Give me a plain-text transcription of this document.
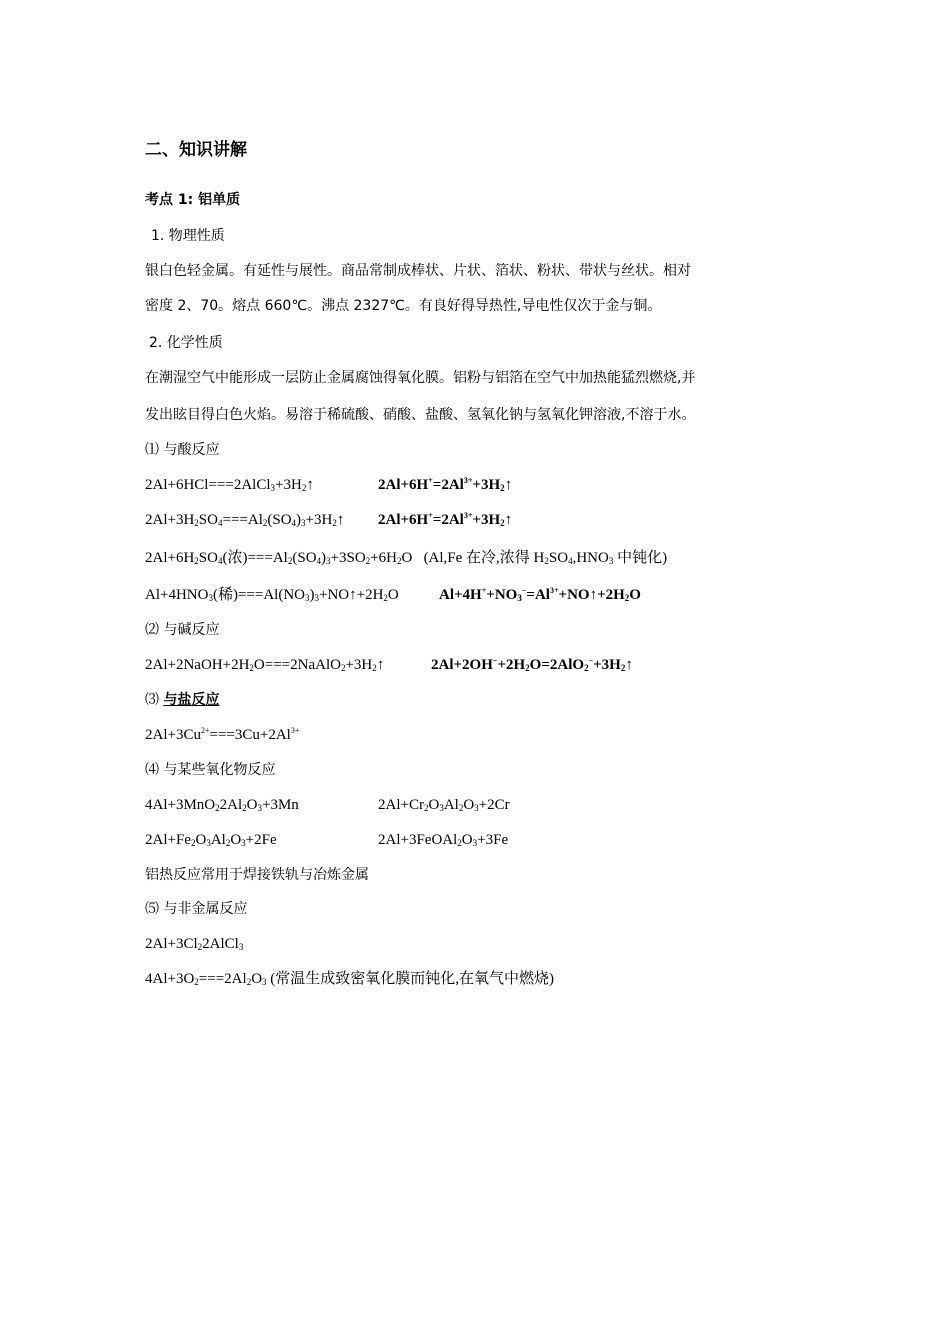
二、知识讲解
考点 1: 铝单质
1. 物理性质
银白色轻金属。有延性与展性。商品常制成棒状、片状、箔状、粉状、带状与丝状。相对
密度 2、70。熔点 660℃。沸点 2327℃。有良好得导热性,导电性仅次于金与铜。
2. 化学性质
在潮湿空气中能形成一层防止金属腐蚀得氧化膜。铝粉与铝箔在空气中加热能猛烈燃烧,并
发出眩目得白色火焰。易溶于稀硫酸、硝酸、盐酸、氢氧化钠与氢氧化钾溶液,不溶于水。
⑴ 与酸反应
$2Al+6HCl===2AlCl_3+3H_2↑$	$2Al+6H^+=2Al^{3+}+3H_2↑$
$2Al+3H_2SO_4===Al_2(SO_4)_3+3H_2↑$ $2Al+6H^+=2Al^{3+}+3H_2↑$
$2Al+6H_2SO_4$(浓)$===Al_2(SO_4)_3+3SO_2+6H_2O$ (Al,Fe 在冷,浓得 $H_2SO_4,HNO_3$ 中钝化)
$Al+4HNO_3$(稀)$===Al(NO_3)_3+NO↑+2H_2O$	$Al+4H^++NO_3^-=Al^{3+}+NO↑+2H_2O$
⑵ 与碱反应
$2Al+2NaOH+2H_2O===2NaAlO_2+3H_2↑$	$2Al+2OH^-+2H_2O=2AlO_2^-+3H_2↑$
⑶ 与盐反应
$2Al+3Cu^{2+}===3Cu+2Al^{3+}$
⑷ 与某些氧化物反应
$4Al+3MnO_22Al_2O_3+3Mn$	$2Al+Cr_2O_3Al_2O_3+2Cr$
$2Al+Fe_2O_3Al_2O_3+2Fe$	$2Al+3FeOAl_2O_3+3Fe$
铝热反应常用于焊接铁轨与冶炼金属
⑸ 与非金属反应
$2Al+3Cl_22AlCl_3$
$4Al+3O_2===2Al_2O_3$ (常温生成致密氧化膜而钝化,在氧气中燃烧)
